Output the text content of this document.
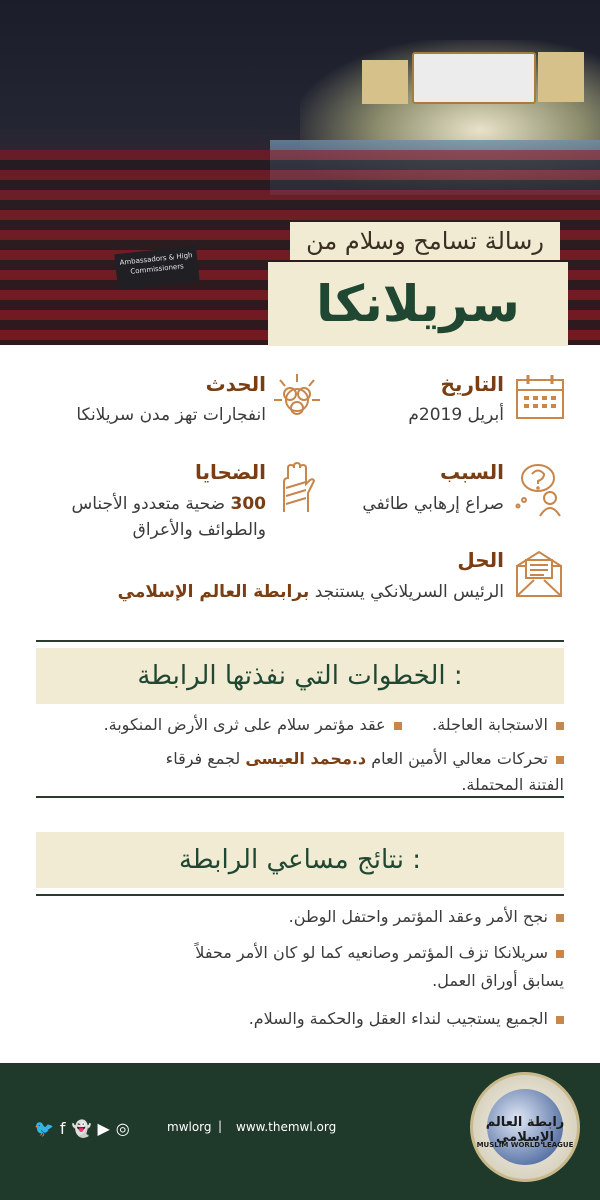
Ambassadors & High Commissioners
رسالة تسامح وسلام من
سريلانكا
التاريخ
أبريل 2019م
الحدث
انفجارات تهز مدن سريلانكا
السبب
صراع إرهابي طائفي
الضحايا
300 ضحية متعددو الأجناس
والطوائف والأعراق
الحل
الرئيس السريلانكي يستنجد برابطة العالم الإسلامي
الخطوات التي نفذتها الرابطة :
الاستجابة العاجلة.      عقد مؤتمر سلام على ثرى الأرض المنكوبة.
تحركات معالي الأمين العام د.محمد العيسى لجمع فرقاء
الفتنة المحتملة.
نتائج مساعي الرابطة :
نجح الأمر وعقد المؤتمر واحتفل الوطن.
سريلانكا تزف المؤتمر وصانعيه كما لو كان الأمر محفلاً
يسابق أوراق العمل.
الجميع يستجيب لنداء العقل والحكمة والسلام.
🐦f👻▶◎	mwlorg | www.themwl.org	رابطة العالم الإسلامي
MUSLIM WORLD LEAGUE
